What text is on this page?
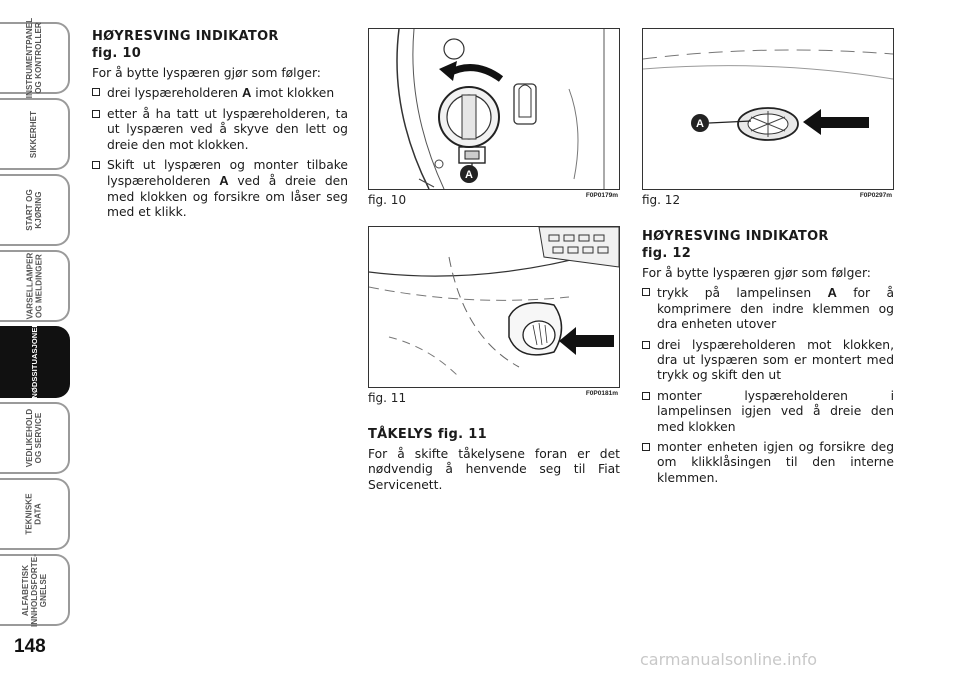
INSTRUMENTPANEL
OG KONTROLLER
SIKKERHET
START OG
KJØRING
VARSELLAMPER
OG MELDINGER
I NØDSSITUASJONER
VEDLIKEHOLD
OG SERVICE
TEKNISKE
DATA
ALFABETISK
INNHOLDSFORTE-
GNELSE
148
HØYRESVING INDIKATOR
fig. 10

For å bytte lyspæren gjør som følger:

drei lyspæreholderen A imot klokken
etter å ha tatt ut lyspæreholderen, ta ut lyspæren ved å skyve den lett og dreie den mot klokken.
Skift ut lyspæren og monter tilbake lyspæreholderen A ved å dreie den med klokken og forsikre om låser seg med et klikk.
A
fig. 10	F0P0179m
fig. 11	F0P0181m
TÅKELYS fig. 11

For å skifte tåkelysene foran er det nødvendig å henvende seg til Fiat Servicenett.

A
fig. 12	F0P0297m
HØYRESVING INDIKATOR
fig. 12

For å bytte lyspæren gjør som følger:

trykk på lampelinsen A for å komprimere den indre klemmen og dra enheten utover
drei lyspæreholderen mot klokken, dra ut lyspæren som er montert med trykk og skift den ut
monter lyspæreholderen i lampelinsen igjen ved å dreie den med klokken
monter enheten igjen og forsikre deg om klikklåsingen til den interne klemmen.
carmanualsonline.info
